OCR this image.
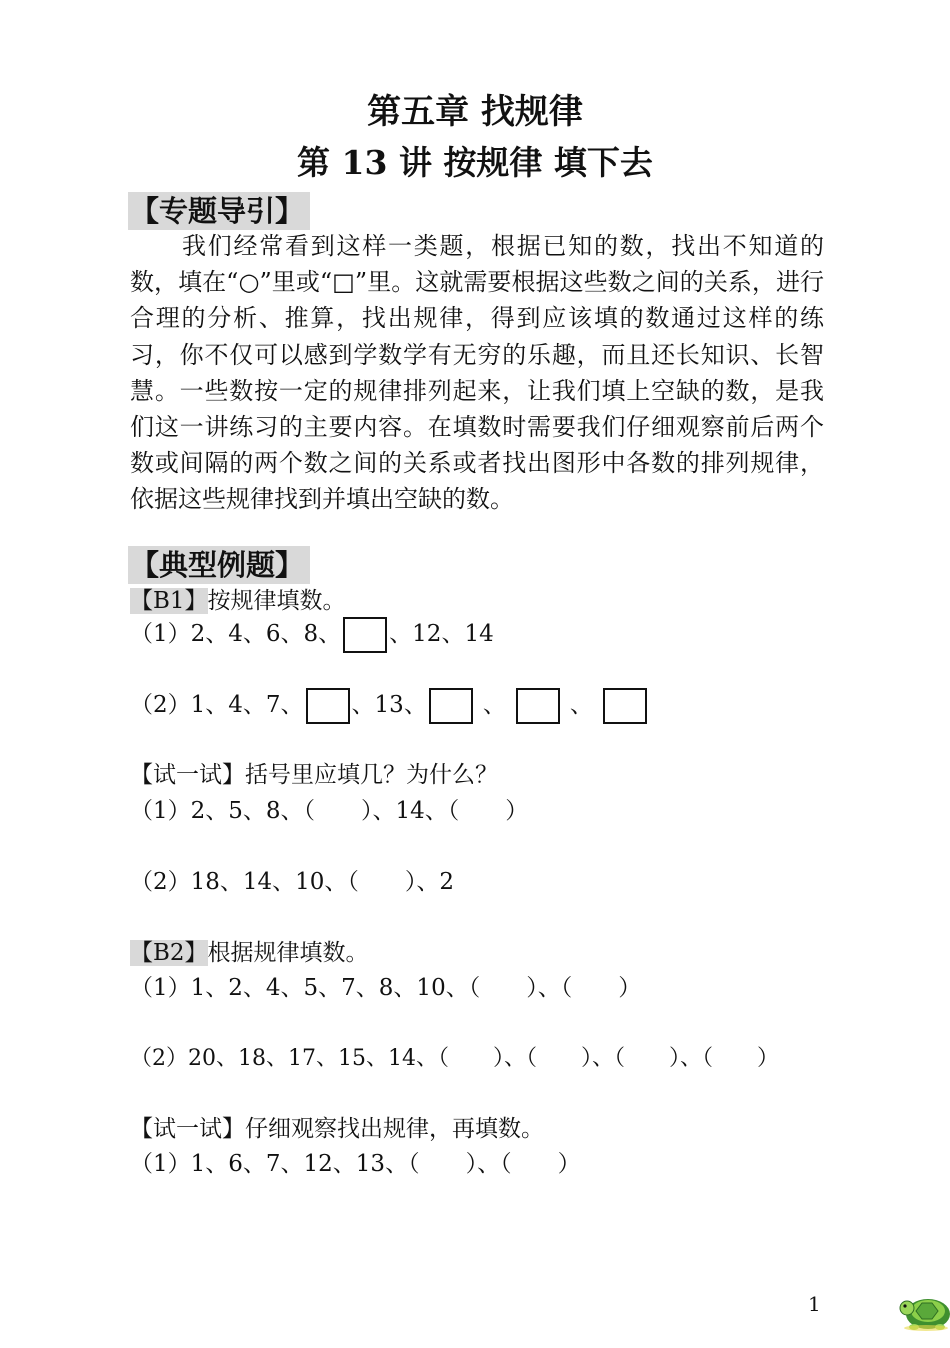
第五章 找规律
第 13 讲 按规律 填下去
【专题导引】

我们经常看到这样一类题，根据已知的数，找出不知道的数，填在“○”里或“□”里。这就需要根据这些数之间的关系，进行合理的分析、推算，找出规律，得到应该填的数通过这样的练习，你不仅可以感到学数学有无穷的乐趣，而且还长知识、长智慧。一些数按一定的规律排列起来，让我们填上空缺的数，是我们这一讲练习的主要内容。在填数时需要我们仔细观察前后两个数或间隔的两个数之间的关系或者找出图形中各数的排列规律，依据这些规律找到并填出空缺的数。

【典型例题】
【B1】按规律填数。
（1）2、4、6、8、 、12、14
（2）1、4、7、 、13、 、	、
【试一试】括号里应填几？为什么？
（1）2、5、8、（　　）、14、（　　）
（2）18、14、10、（　　）、2
【B2】根据规律填数。
（1）1、2、4、5、7、8、10、（　　）、（　　）
（2）20、18、17、15、14、（　　）、（　　）、（　　）、（　　）
【试一试】仔细观察找出规律，再填数。
（1）1、6、7、12、13、（　　）、（　　）
1
